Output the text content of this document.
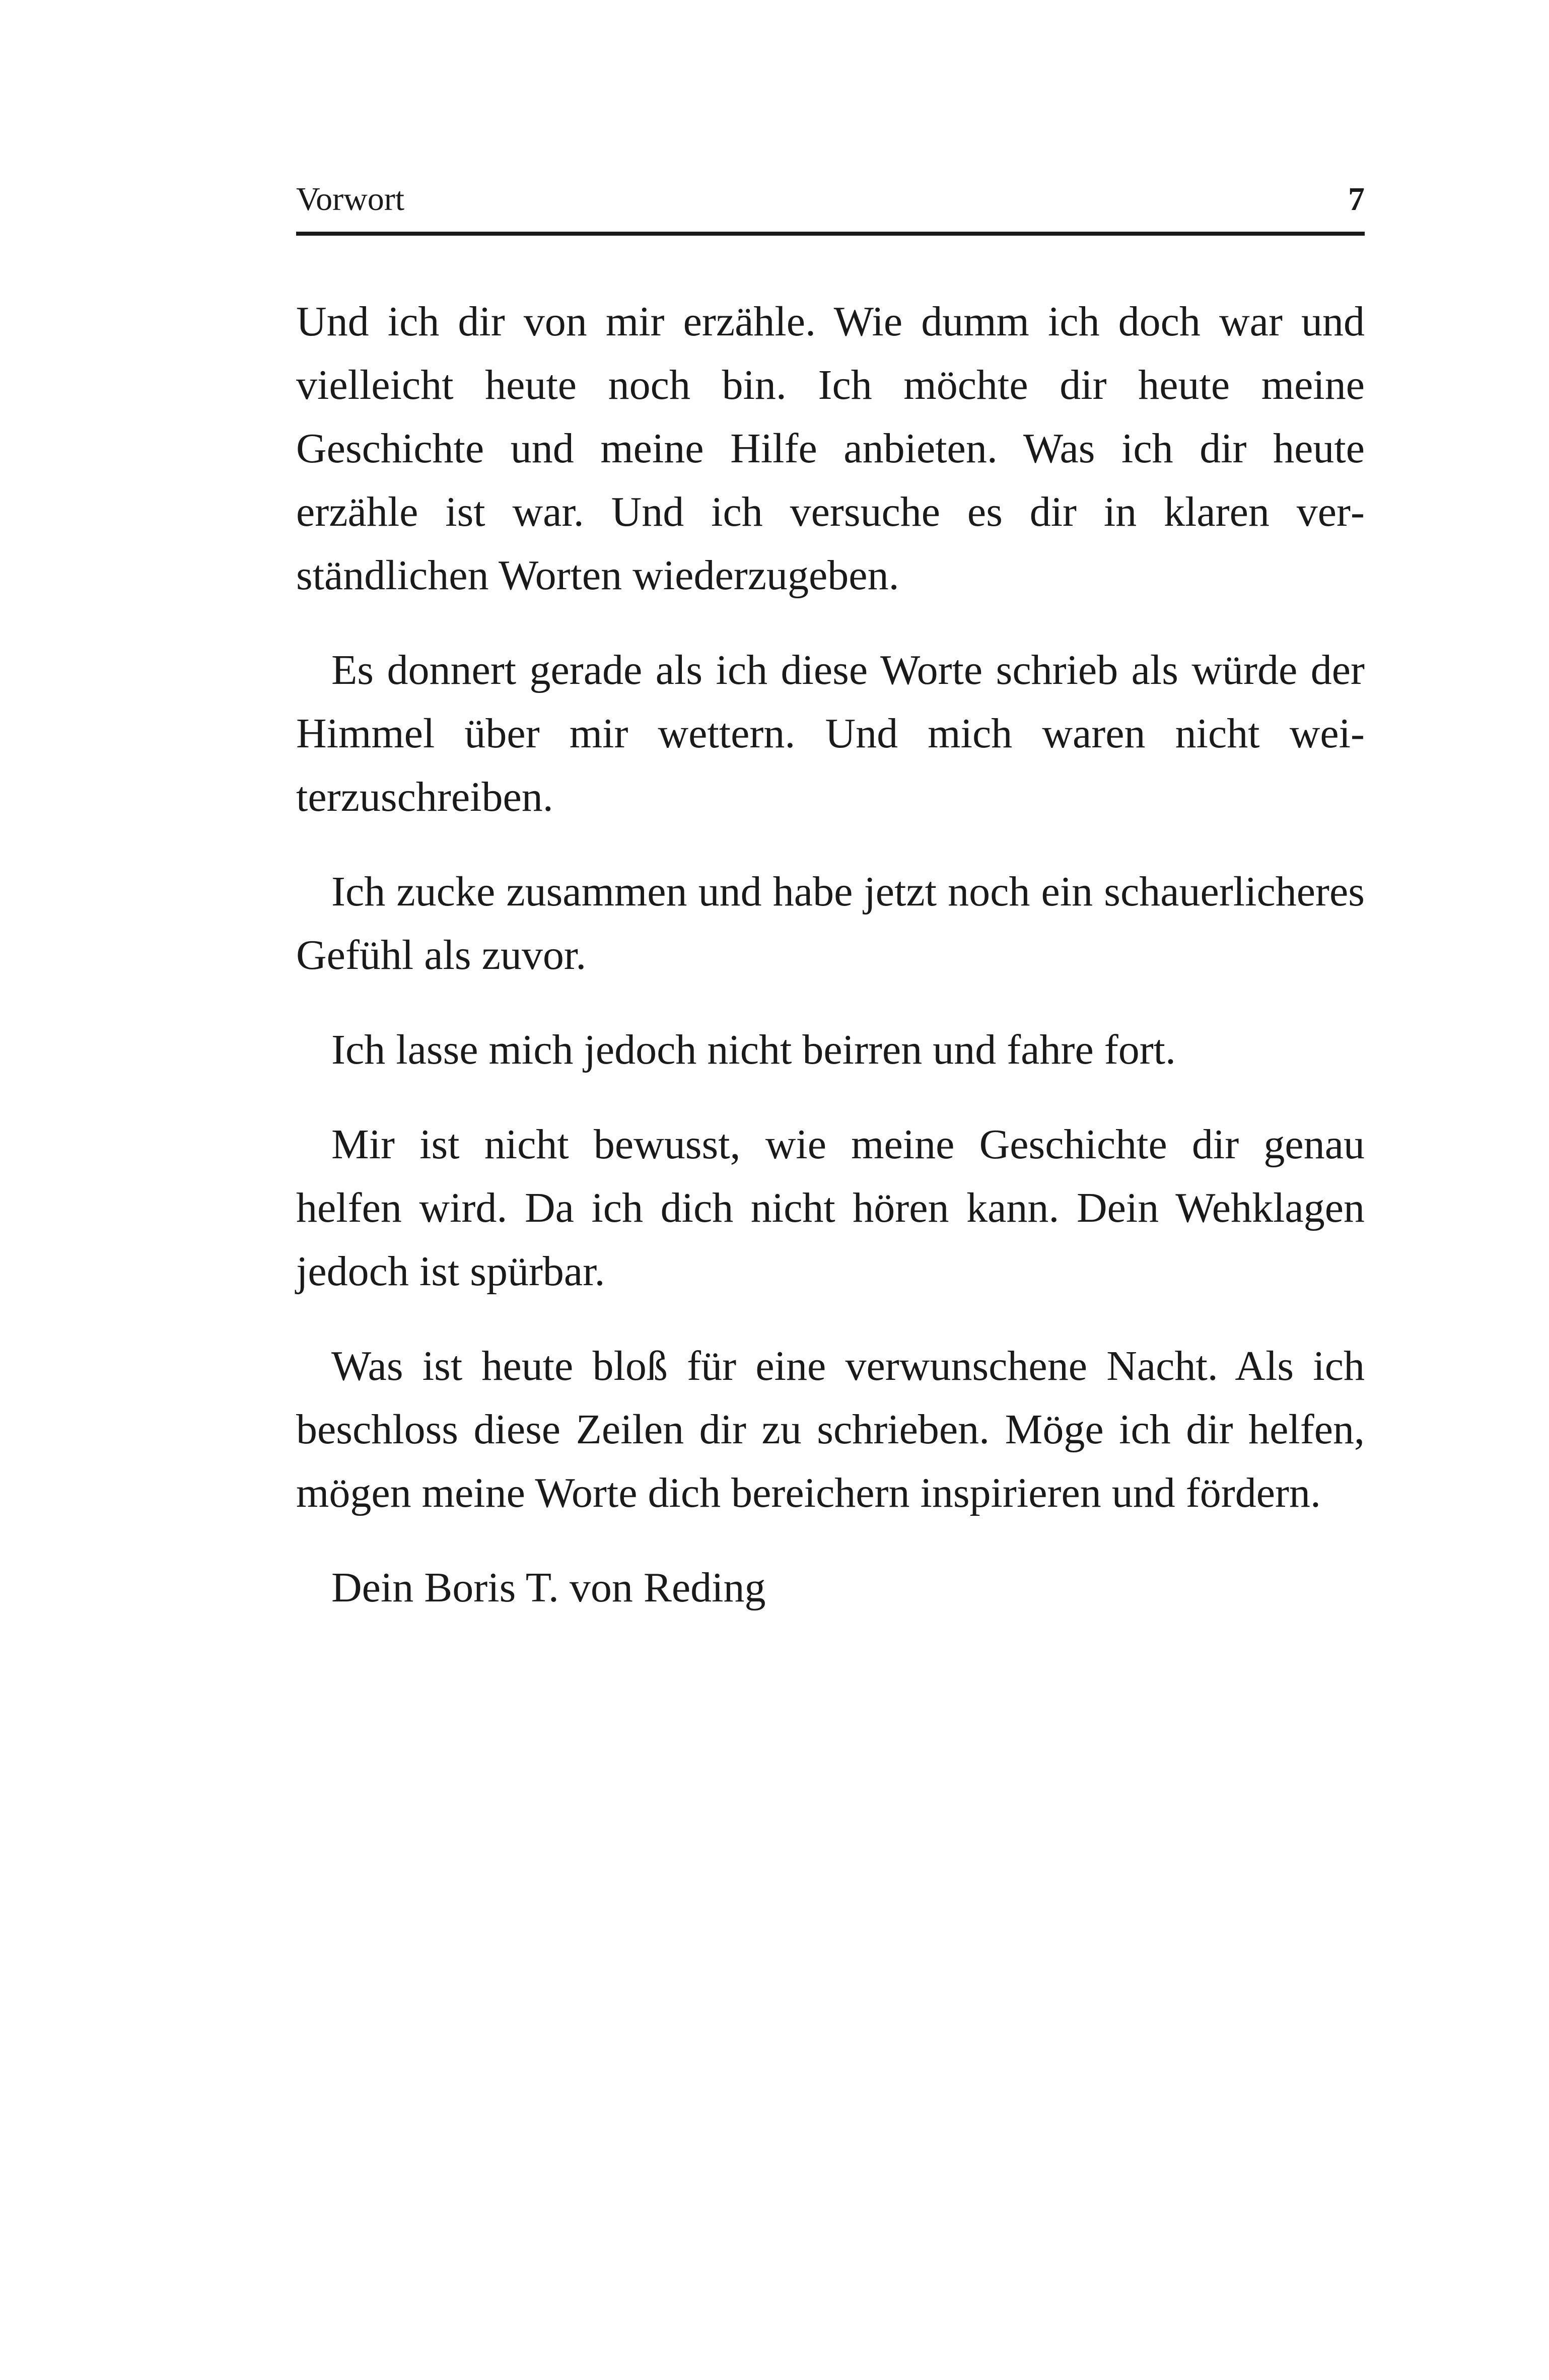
Vorwort	7

Und ich dir von mir erzähle. Wie dumm ich doch war und vielleicht heute noch bin. Ich möchte dir heute meine Geschichte und meine Hilfe anbieten. Was ich dir heute erzähle ist war. Und ich versuche es dir in klaren verständlichen Worten wiederzugeben.

Es donnert gerade als ich diese Worte schrieb als würde der Himmel über mir wettern. Und mich waren nicht weiterzuschreiben.

Ich zucke zusammen und habe jetzt noch ein schauerlicheres Gefühl als zuvor.

Ich lasse mich jedoch nicht beirren und fahre fort.

Mir ist nicht bewusst, wie meine Geschichte dir genau helfen wird. Da ich dich nicht hören kann. Dein Wehklagen jedoch ist spürbar.

Was ist heute bloß für eine verwunschene Nacht. Als ich beschloss diese Zeilen dir zu schrieben. Möge ich dir helfen, mögen meine Worte dich bereichern inspirieren und fördern.

Dein Boris T. von Reding
